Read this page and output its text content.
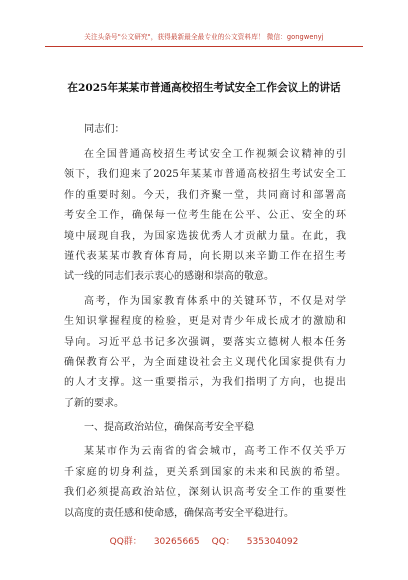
关注头条号"公文研究"，获得最新最全最专业的公文资料库！ 微信：gongwenyj
在2025年某某市普通高校招生考试安全工作会议上的讲话
同志们：
在全国普通高校招生考试安全工作视频会议精神的引
领下，我们迎来了2025年某某市普通高校招生考试安全工
作的重要时刻。今天，我们齐聚一堂，共同商讨和部署高
考安全工作，确保每一位考生能在公平、公正、安全的环
境中展现自我，为国家选拔优秀人才贡献力量。在此，我
谨代表某某市教育体育局，向长期以来辛勤工作在招生考
试一线的同志们表示衷心的感谢和崇高的敬意。
高考，作为国家教育体系中的关键环节，不仅是对学
生知识掌握程度的检验，更是对青少年成长成才的激励和
导向。习近平总书记多次强调，要落实立德树人根本任务
确保教育公平，为全面建设社会主义现代化国家提供有力
的人才支撑。这一重要指示，为我们指明了方向，也提出
了新的要求。
一、提高政治站位，确保高考安全平稳
某某市作为云南省的省会城市，高考工作不仅关乎万
千家庭的切身利益，更关系到国家的未来和民族的希望。
我们必须提高政治站位，深刻认识高考安全工作的重要性
以高度的责任感和使命感，确保高考安全平稳进行。
QQ群： 30265665 QQ： 535304092
